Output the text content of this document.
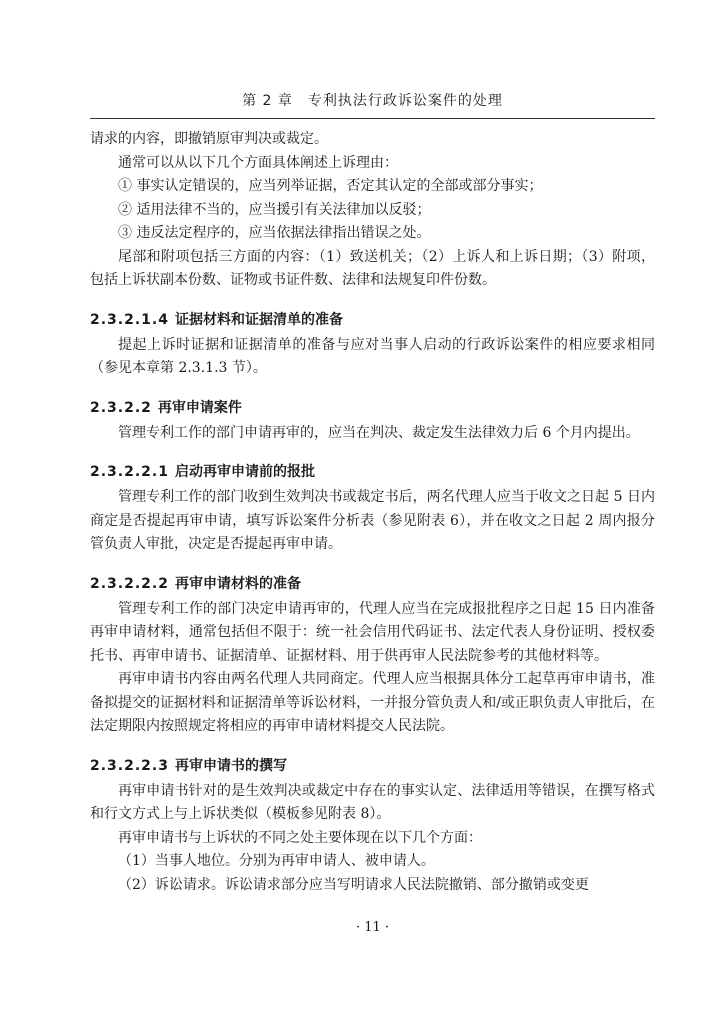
第 2 章　专利执法行政诉讼案件的处理

请求的内容，即撤销原审判决或裁定。

通常可以从以下几个方面具体阐述上诉理由：

① 事实认定错误的，应当列举证据，否定其认定的全部或部分事实；

② 适用法律不当的，应当援引有关法律加以反驳；

③ 违反法定程序的，应当依据法律指出错误之处。

尾部和附项包括三方面的内容：（1）致送机关；（2）上诉人和上诉日期；（3）附项，包括上诉状副本份数、证物或书证件数、法律和法规复印件份数。

2.3.2.1.4 证据材料和证据清单的准备

提起上诉时证据和证据清单的准备与应对当事人启动的行政诉讼案件的相应要求相同（参见本章第 2.3.1.3 节）。

2.3.2.2 再审申请案件

管理专利工作的部门申请再审的，应当在判决、裁定发生法律效力后 6 个月内提出。

2.3.2.2.1 启动再审申请前的报批

管理专利工作的部门收到生效判决书或裁定书后，两名代理人应当于收文之日起 5 日内商定是否提起再审申请，填写诉讼案件分析表（参见附表 6），并在收文之日起 2 周内报分管负责人审批，决定是否提起再审申请。

2.3.2.2.2 再审申请材料的准备

管理专利工作的部门决定申请再审的，代理人应当在完成报批程序之日起 15 日内准备再审申请材料，通常包括但不限于：统一社会信用代码证书、法定代表人身份证明、授权委托书、再审申请书、证据清单、证据材料、用于供再审人民法院参考的其他材料等。

再审申请书内容由两名代理人共同商定。代理人应当根据具体分工起草再审申请书，准备拟提交的证据材料和证据清单等诉讼材料，一并报分管负责人和/或正职负责人审批后，在法定期限内按照规定将相应的再审申请材料提交人民法院。

2.3.2.2.3 再审申请书的撰写

再审申请书针对的是生效判决或裁定中存在的事实认定、法律适用等错误，在撰写格式和行文方式上与上诉状类似（模板参见附表 8）。

再审申请书与上诉状的不同之处主要体现在以下几个方面：

（1）当事人地位。分别为再审申请人、被申请人。

（2）诉讼请求。诉讼请求部分应当写明请求人民法院撤销、部分撤销或变更

· 11 ·
